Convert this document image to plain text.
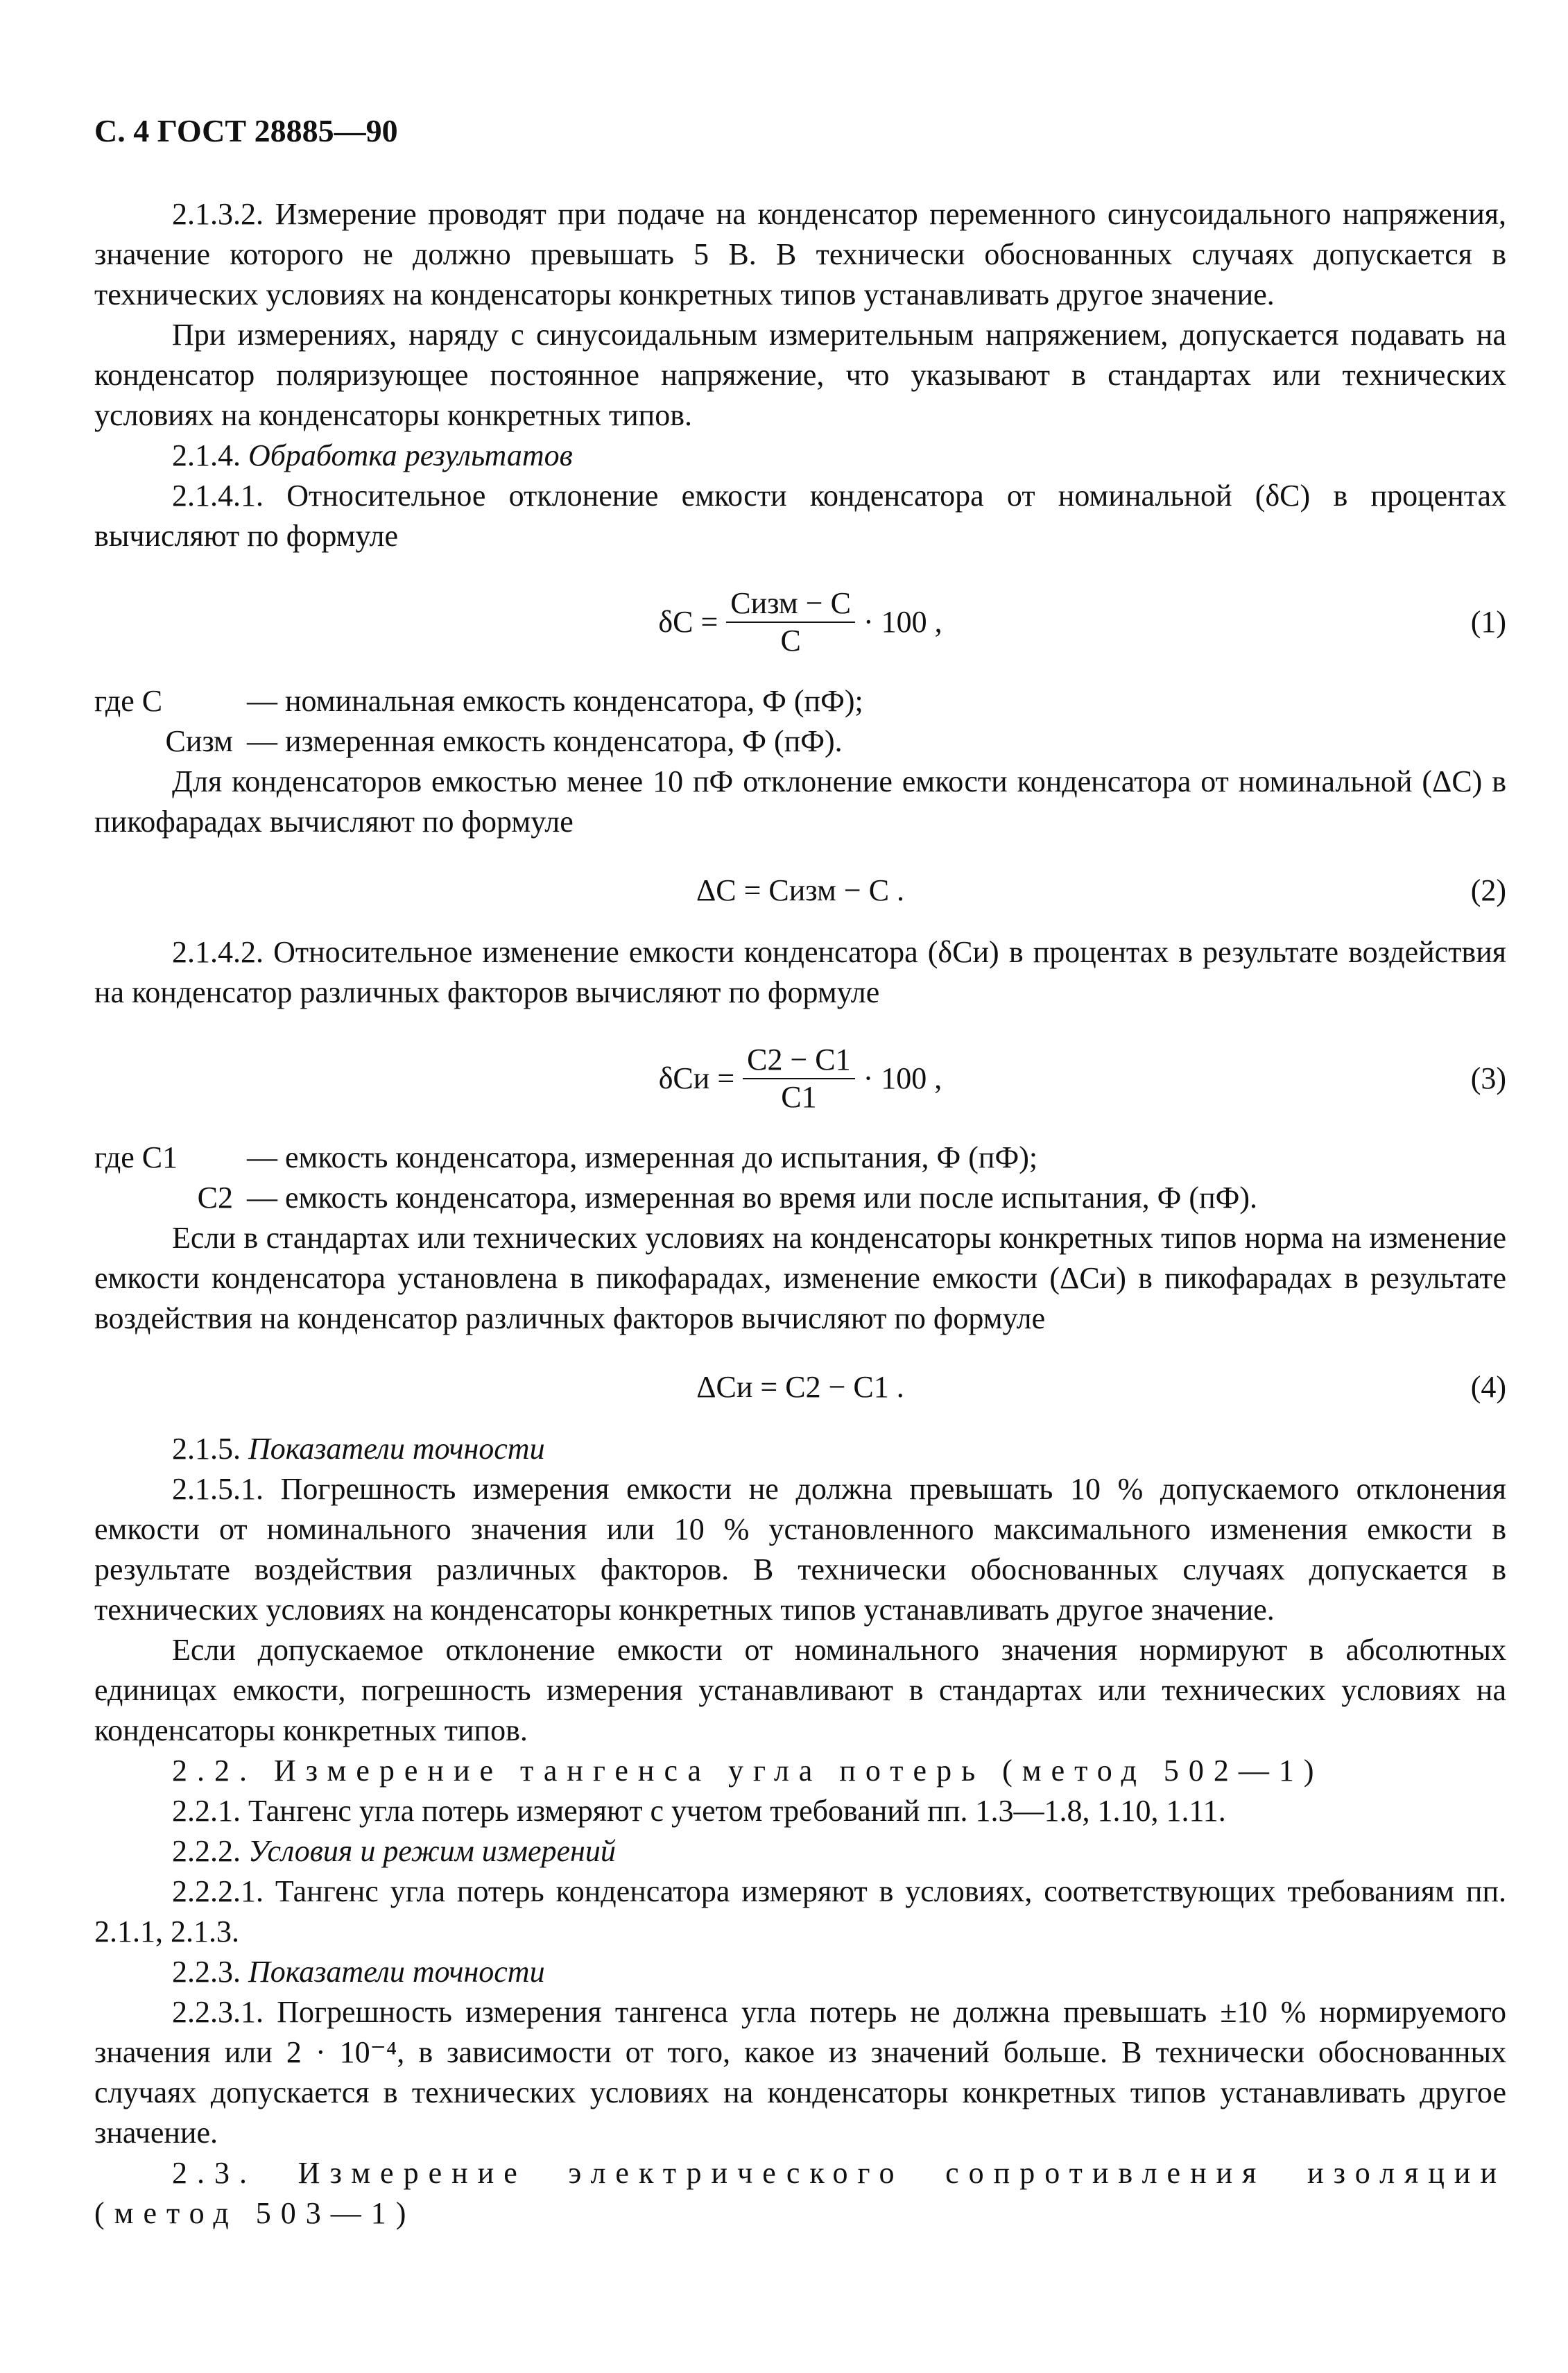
С. 4 ГОСТ 28885—90

2.1.3.2. Измерение проводят при подаче на конденсатор переменного синусоидального напряжения, значение которого не должно превышать 5 В. В технически обоснованных случаях допускается в технических условиях на конденсаторы конкретных типов устанавливать другое значение.

При измерениях, наряду с синусоидальным измерительным напряжением, допускается подавать на конденсатор поляризующее постоянное напряжение, что указывают в стандартах или технических условиях на конденсаторы конкретных типов.

2.1.4. Обработка результатов

2.1.4.1. Относительное отклонение емкости конденсатора от номинальной (δC) в процентах вычисляют по формуле

$\delta C = \frac{\text{Cизм − C}}{C} \cdot 100$ ,	(1)
где C	— номинальная емкость конденсатора, Ф (пФ);
Cизм — измеренная емкость конденсатора, Ф (пФ).

Для конденсаторов емкостью менее 10 пФ отклонение емкости конденсатора от номинальной (ΔC) в пикофарадах вычисляют по формуле

ΔC = Cизм − C .	(2)

2.1.4.2. Относительное изменение емкости конденсатора (δCи) в процентах в результате воздействия на конденсатор различных факторов вычисляют по формуле

$\delta Cи = \frac{C2 - C1}{C1} \cdot 100$ ,	(3)
где C1	— емкость конденсатора, измеренная до испытания, Ф (пФ);
C2 — емкость конденсатора, измеренная во время или после испытания, Ф (пФ).

Если в стандартах или технических условиях на конденсаторы конкретных типов норма на изменение емкости конденсатора установлена в пикофарадах, изменение емкости (ΔCи) в пикофарадах в результате воздействия на конденсатор различных факторов вычисляют по формуле

ΔCи = C2 − C1 .	(4)

2.1.5. Показатели точности

2.1.5.1. Погрешность измерения емкости не должна превышать 10 % допускаемого отклонения емкости от номинального значения или 10 % установленного максимального изменения емкости в результате воздействия различных факторов. В технически обоснованных случаях допускается в технических условиях на конденсаторы конкретных типов устанавливать другое значение.

Если допускаемое отклонение емкости от номинального значения нормируют в абсолютных единицах емкости, погрешность измерения устанавливают в стандартах или технических условиях на конденсаторы конкретных типов.

2.2. Измерение тангенса угла потерь (метод 502—1)

2.2.1. Тангенс угла потерь измеряют с учетом требований пп. 1.3—1.8, 1.10, 1.11.

2.2.2. Условия и режим измерений

2.2.2.1. Тангенс угла потерь конденсатора измеряют в условиях, соответствующих требованиям пп. 2.1.1, 2.1.3.

2.2.3. Показатели точности

2.2.3.1. Погрешность измерения тангенса угла потерь не должна превышать ±10 % нормируемого значения или 2 · 10⁻⁴, в зависимости от того, какое из значений больше. В технически обоснованных случаях допускается в технических условиях на конденсаторы конкретных типов устанавливать другое значение.

2.3. Измерение электрического сопротивления изоляции (метод 503—1)
